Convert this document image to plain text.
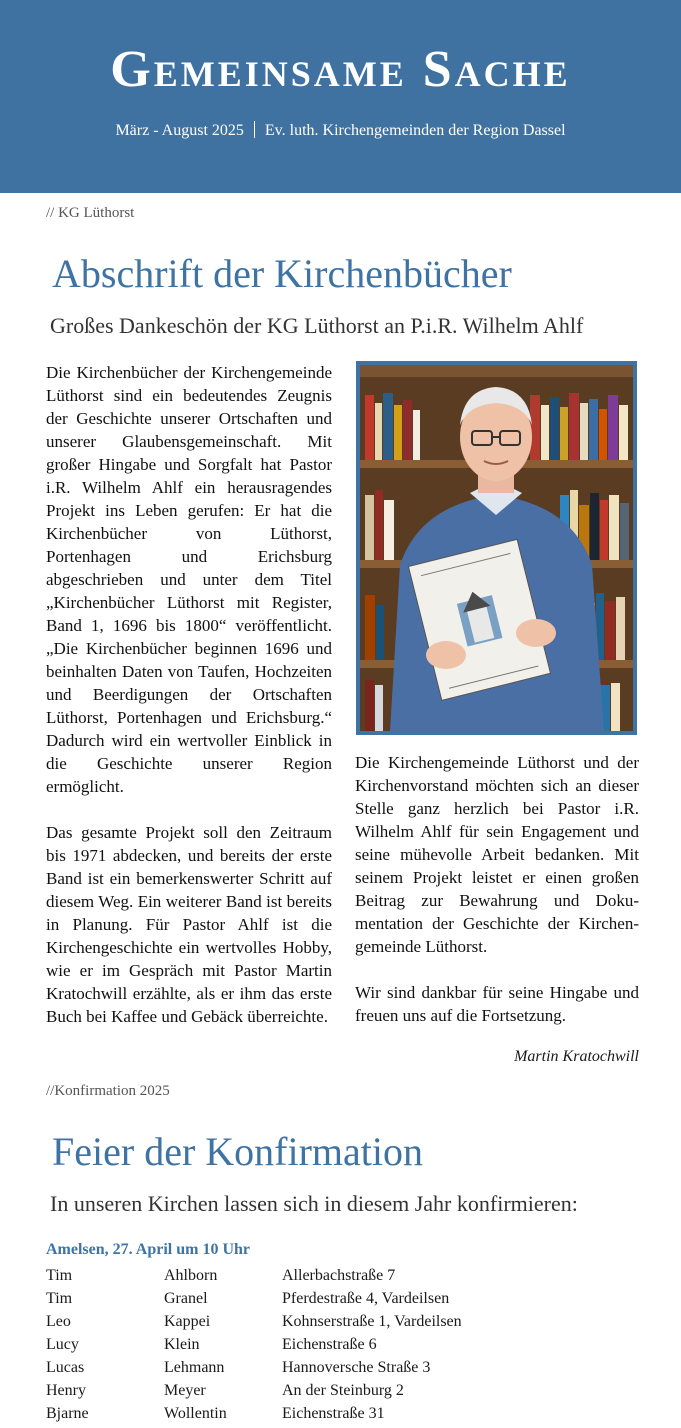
Gemeinsame Sache
März - August 2025 Ev. luth. Kirchengemeinden der Region Dassel
// KG Lüthorst
Abschrift der Kirchenbücher
Großes Dankeschön der KG Lüthorst an P.i.R. Wilhelm Ahlf

Die Kirchenbücher der Kirchengemeinde Lüthorst sind ein bedeutendes Zeugnis der Geschichte unserer Ortschaften und unserer Glaubensgemeinschaft. Mit großer Hingabe und Sorgfalt hat Pastor i.R. Wilhelm Ahlf ein herausragendes Projekt ins Leben gerufen: Er hat die Kirchenbücher von Lüthorst, Portenhagen und Erichsburg abgeschrieben und unter dem Titel „Kirchenbücher Lüthorst mit Register, Band 1, 1696 bis 1800“ veröffentlicht. „Die Kirchenbücher beginnen 1696 und beinhalten Daten von Taufen, Hochzeiten und Beerdigungen der Ortschaften Lüthorst, Portenhagen und Erichsburg.“ Dadurch wird ein wertvoller Einblick in die Geschichte unserer Region ermöglicht.

Das gesamte Projekt soll den Zeitraum bis 1971 abdecken, und bereits der erste Band ist ein bemerkenswerter Schritt auf diesem Weg. Ein weiterer Band ist bereits in Planung. Für Pastor Ahlf ist die Kirchengeschichte ein wertvolles Hobby, wie er im Gespräch mit Pastor Martin Kratochwill erzählte, als er ihm das erste Buch bei Kaffee und Gebäck überreichte.

Die Kirchengemeinde Lüthorst und der Kirchenvorstand möchten sich an dieser Stelle ganz herzlich bei Pastor i.R. Wilhelm Ahlf für sein Engagement und seine mühevolle Arbeit bedanken. Mit seinem Projekt leistet er einen großen Beitrag zur Bewahrung und Dokumentation der Geschichte der Kirchengemeinde Lüthorst.

Wir sind dankbar für seine Hingabe und freuen uns auf die Fortsetzung.

Martin Kratochwill
//Konfirmation 2025
Feier der Konfirmation
In unseren Kirchen lassen sich in diesem Jahr konfirmieren:
Amelsen, 27. April um 10 Uhr
Tim	Ahlborn	Allerbachstraße 7
Tim	Granel	Pferdestraße 4, Vardeilsen
Leo	Kappei	Kohnserstraße 1, Vardeilsen
Lucy	Klein	Eichenstraße 6
Lucas	Lehmann	Hannoversche Straße 3
Henry	Meyer	An der Steinburg 2
Bjarne	Wollentin	Eichenstraße 31
